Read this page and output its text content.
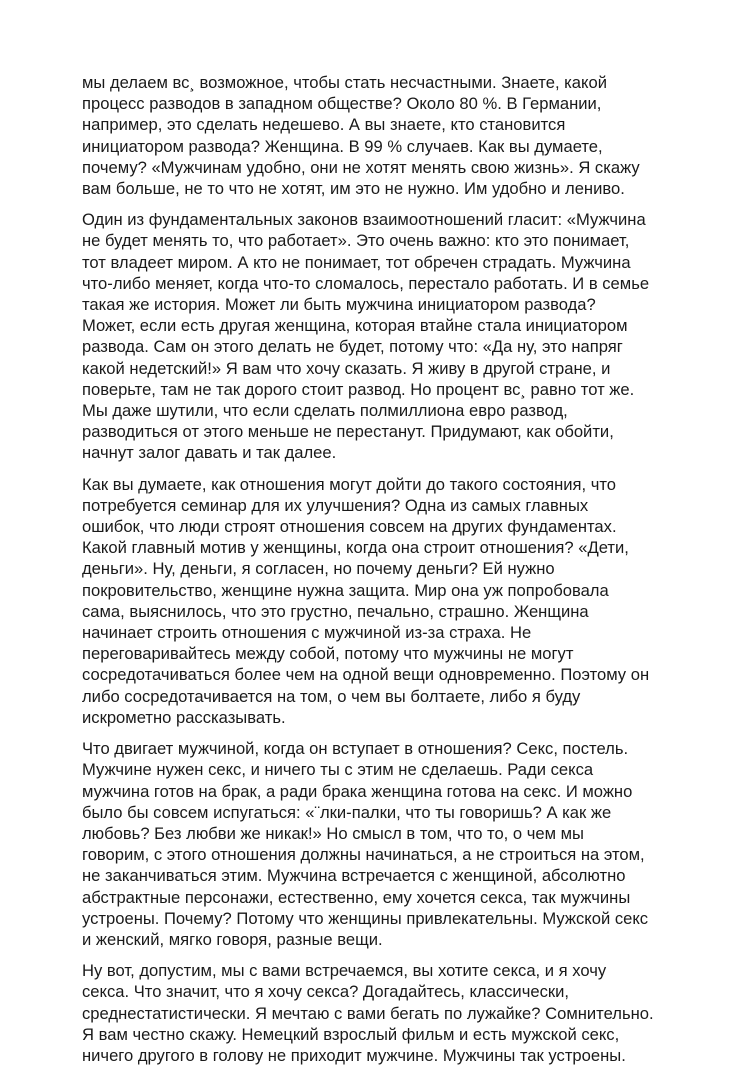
мы делаем вс¸ возможное, чтобы стать несчастными. Знаете, какой
процесс разводов в западном обществе? Около 80 %. В Германии,
например, это сделать недешево. А вы знаете, кто становится
инициатором развода? Женщина. В 99 % случаев. Как вы думаете,
почему? «Мужчинам удобно, они не хотят менять свою жизнь». Я скажу
вам больше, не то что не хотят, им это не нужно. Им удобно и лениво.

Один из фундаментальных законов взаимоотношений гласит: «Мужчина
не будет менять то, что работает». Это очень важно: кто это понимает,
тот владеет миром. А кто не понимает, тот обречен страдать. Мужчина
что-либо меняет, когда что-то сломалось, перестало работать. И в семье
такая же история. Может ли быть мужчина инициатором развода?
Может, если есть другая женщина, которая втайне стала инициатором
развода. Сам он этого делать не будет, потому что: «Да ну, это напряг
какой недетский!» Я вам что хочу сказать. Я живу в другой стране, и
поверьте, там не так дорого стоит развод. Но процент вс¸ равно тот же.
Мы даже шутили, что если сделать полмиллиона евро развод,
разводиться от этого меньше не перестанут. Придумают, как обойти,
начнут залог давать и так далее.

Как вы думаете, как отношения могут дойти до такого состояния, что
потребуется семинар для их улучшения? Одна из самых главных
ошибок, что люди строят отношения совсем на других фундаментах.
Какой главный мотив у женщины, когда она строит отношения? «Дети,
деньги». Ну, деньги, я согласен, но почему деньги? Ей нужно
покровительство, женщине нужна защита. Мир она уж попробовала
сама, выяснилось, что это грустно, печально, страшно. Женщина
начинает строить отношения с мужчиной из-за страха. Не
переговаривайтесь между собой, потому что мужчины не могут
сосредотачиваться более чем на одной вещи одновременно. Поэтому он
либо сосредотачивается на том, о чем вы болтаете, либо я буду
искрометно рассказывать.

Что двигает мужчиной, когда он вступает в отношения? Секс, постель.
Мужчине нужен секс, и ничего ты с этим не сделаешь. Ради секса
мужчина готов на брак, а ради брака женщина готова на секс. И можно
было бы совсем испугаться: «¨лки-палки, что ты говоришь? А как же
любовь? Без любви же никак!» Но смысл в том, что то, о чем мы
говорим, с этого отношения должны начинаться, а не строиться на этом,
не заканчиваться этим. Мужчина встречается с женщиной, абсолютно
абстрактные персонажи, естественно, ему хочется секса, так мужчины
устроены. Почему? Потому что женщины привлекательны. Мужской секс
и женский, мягко говоря, разные вещи.

Ну вот, допустим, мы с вами встречаемся, вы хотите секса, и я хочу
секса. Что значит, что я хочу секса? Догадайтесь, классически,
среднестатистически. Я мечтаю с вами бегать по лужайке? Сомнительно.
Я вам честно скажу. Немецкий взрослый фильм и есть мужской секс,
ничего другого в голову не приходит мужчине. Мужчины так устроены.
